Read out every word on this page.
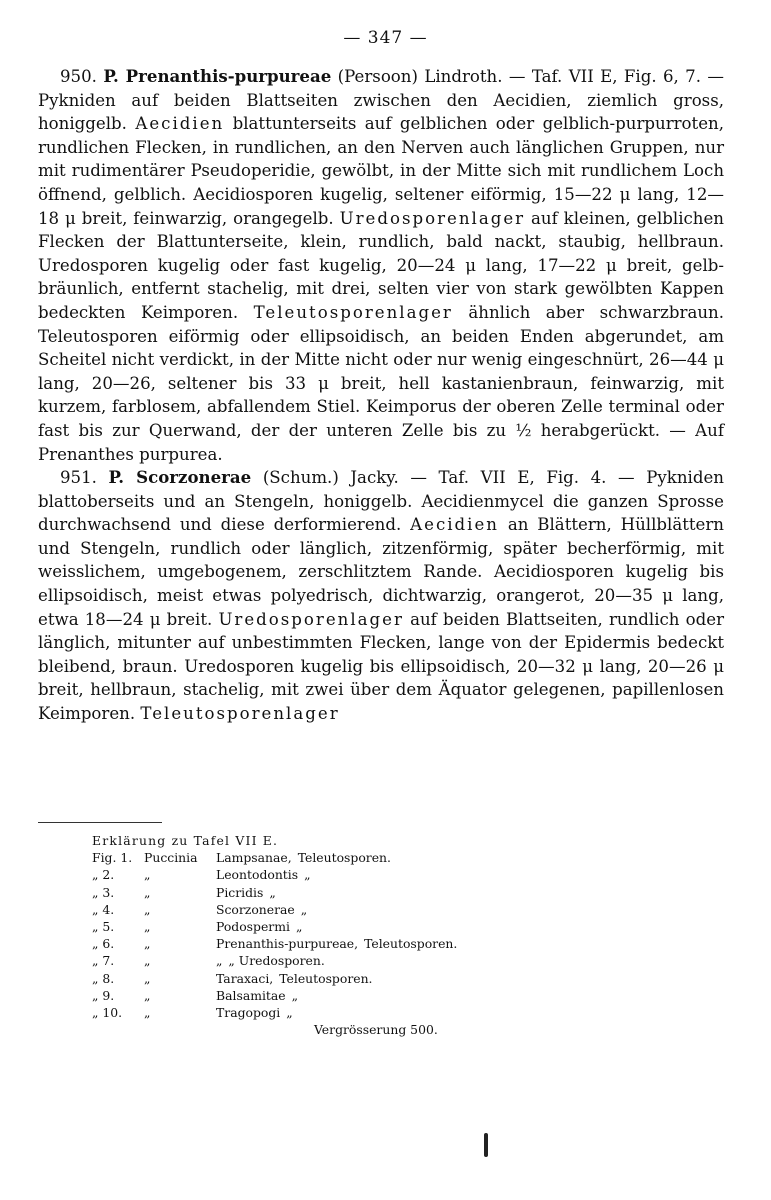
— 347 —

950. P. Prenanthis-purpureae (Persoon) Lindroth. — Taf. VII E, Fig. 6, 7. — Pykniden auf beiden Blattseiten zwischen den Aecidien, ziemlich gross, honiggelb. Aecidien blattunterseits auf gelblichen oder gelblich-purpurroten, rundlichen Flecken, in rundlichen, an den Nerven auch länglichen Gruppen, nur mit rudimentärer Pseudoperidie, gewölbt, in der Mitte sich mit rundlichem Loch öffnend, gelblich. Aecidiosporen kugelig, seltener eiförmig, 15—22 μ lang, 12—18 μ breit, feinwarzig, orangegelb. Uredosporenlager auf kleinen, gelblichen Flecken der Blattunterseite, klein, rundlich, bald nackt, staubig, hellbraun. Uredosporen kugelig oder fast kugelig, 20—24 μ lang, 17—22 μ breit, gelb-bräunlich, entfernt stachelig, mit drei, selten vier von stark gewölbten Kappen bedeckten Keimporen. Teleutosporenlager ähnlich aber schwarzbraun. Teleutosporen eiförmig oder ellipsoidisch, an beiden Enden abgerundet, am Scheitel nicht verdickt, in der Mitte nicht oder nur wenig eingeschnürt, 26—44 μ lang, 20—26, seltener bis 33 μ breit, hell kastanienbraun, feinwarzig, mit kurzem, farblosem, abfallendem Stiel. Keimporus der oberen Zelle terminal oder fast bis zur Querwand, der der unteren Zelle bis zu ½ herabgerückt. — Auf Prenanthes purpurea.

951. P. Scorzonerae (Schum.) Jacky. — Taf. VII E, Fig. 4. — Pykniden blattoberseits und an Stengeln, honiggelb. Aecidienmycel die ganzen Sprosse durchwachsend und diese derformierend. Aecidien an Blättern, Hüllblättern und Stengeln, rundlich oder länglich, zitzenförmig, später becherförmig, mit weisslichem, umgebogenem, zerschlitztem Rande. Aecidiosporen kugelig bis ellipsoidisch, meist etwas polyedrisch, dichtwarzig, orangerot, 20—35 μ lang, etwa 18—24 μ breit. Uredosporenlager auf beiden Blattseiten, rundlich oder länglich, mitunter auf unbestimmten Flecken, lange von der Epidermis bedeckt bleibend, braun. Uredosporen kugelig bis ellipsoidisch, 20—32 μ lang, 20—26 μ breit, hellbraun, stachelig, mit zwei über dem Äquator gelegenen, papillenlosen Keimporen. Teleutosporenlager

Erklärung zu Tafel VII E.
Fig. 1. Puccinia	Lampsanae, Teleutosporen.
„ 2.	„	Leontodontis „
„ 3.	„	Picridis „
„ 4.	„	Scorzonerae „
„ 5.	„	Podospermi „
„ 6.	„	Prenanthis-purpureae, Teleutosporen.
„ 7.	„	„ „ Uredosporen.
„ 8.	„	Taraxaci, Teleutosporen.
„ 9.	„	Balsamitae „
„ 10.	„	Tragopogi „
Vergrösserung 500.
